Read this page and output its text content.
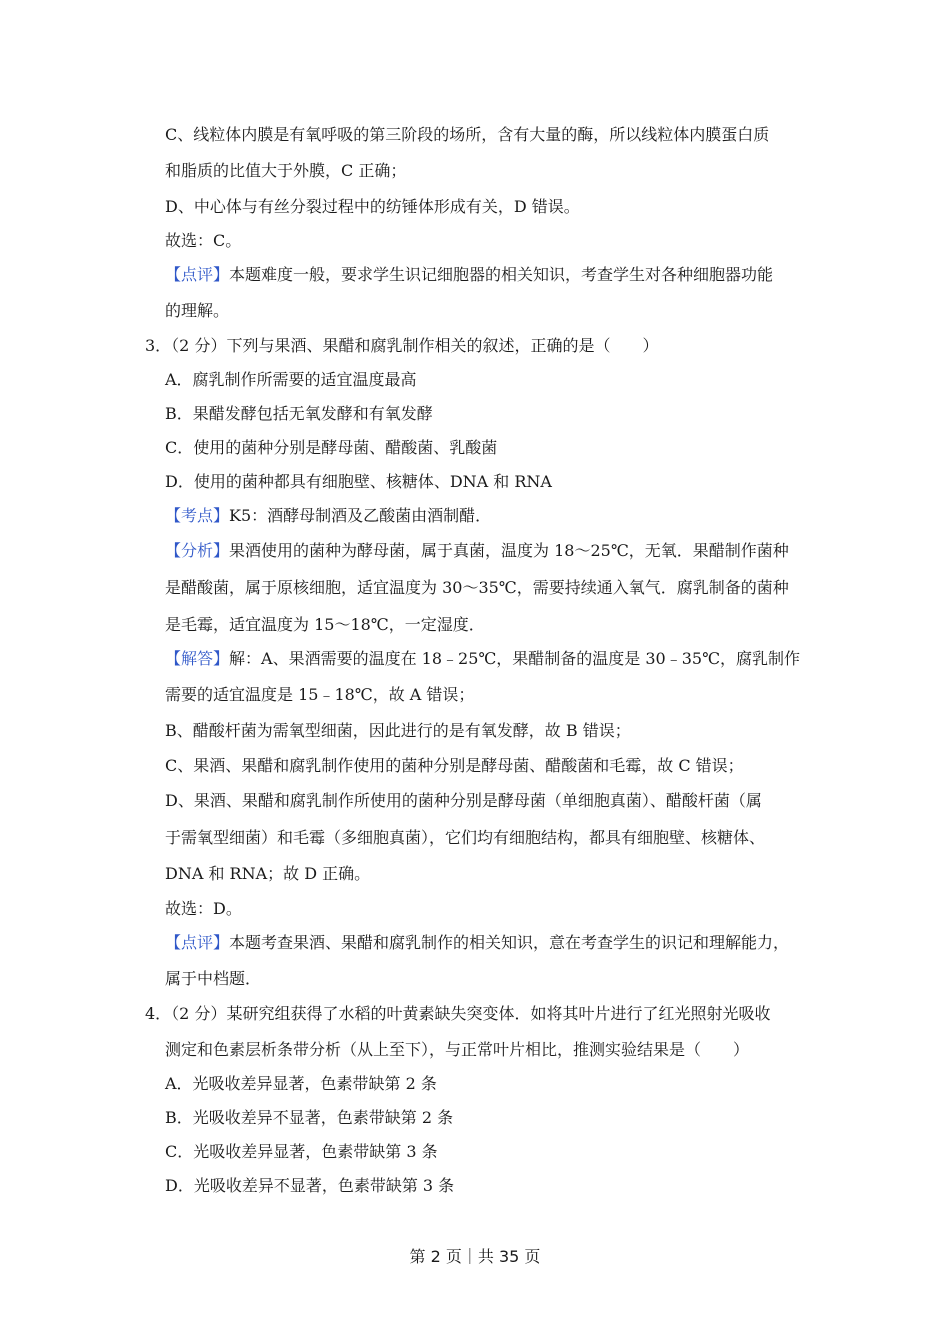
C、线粒体内膜是有氧呼吸的第三阶段的场所，含有大量的酶，所以线粒体内膜蛋白质
和脂质的比值大于外膜，C 正确；
D、中心体与有丝分裂过程中的纺锤体形成有关，D 错误。
故选：C。
【点评】本题难度一般，要求学生识记细胞器的相关知识，考查学生对各种细胞器功能
的理解。
3．（2 分）下列与果酒、果醋和腐乳制作相关的叙述，正确的是（　　）
A．腐乳制作所需要的适宜温度最高
B．果醋发酵包括无氧发酵和有氧发酵
C．使用的菌种分别是酵母菌、醋酸菌、乳酸菌
D．使用的菌种都具有细胞壁、核糖体、DNA 和 RNA
【考点】K5：酒酵母制酒及乙酸菌由酒制醋．
【分析】果酒使用的菌种为酵母菌，属于真菌，温度为 18～25℃，无氧．果醋制作菌种
是醋酸菌，属于原核细胞，适宜温度为 30～35℃，需要持续通入氧气．腐乳制备的菌种
是毛霉，适宜温度为 15～18℃，一定湿度．
【解答】解：A、果酒需要的温度在 18﹣25℃，果醋制备的温度是 30﹣35℃，腐乳制作
需要的适宜温度是 15﹣18℃，故 A 错误；
B、醋酸杆菌为需氧型细菌，因此进行的是有氧发酵，故 B 错误；
C、果酒、果醋和腐乳制作使用的菌种分别是酵母菌、醋酸菌和毛霉，故 C 错误；
D、果酒、果醋和腐乳制作所使用的菌种分别是酵母菌（单细胞真菌）、醋酸杆菌（属
于需氧型细菌）和毛霉（多细胞真菌），它们均有细胞结构，都具有细胞壁、核糖体、
DNA 和 RNA；故 D 正确。
故选：D。
【点评】本题考查果酒、果醋和腐乳制作的相关知识，意在考查学生的识记和理解能力，
属于中档题．
4．（2 分）某研究组获得了水稻的叶黄素缺失突变体．如将其叶片进行了红光照射光吸收
测定和色素层析条带分析（从上至下），与正常叶片相比，推测实验结果是（　　）
A．光吸收差异显著，色素带缺第 2 条
B．光吸收差异不显著，色素带缺第 2 条
C．光吸收差异显著，色素带缺第 3 条
D．光吸收差异不显著，色素带缺第 3 条
第 2 页｜共 35 页
